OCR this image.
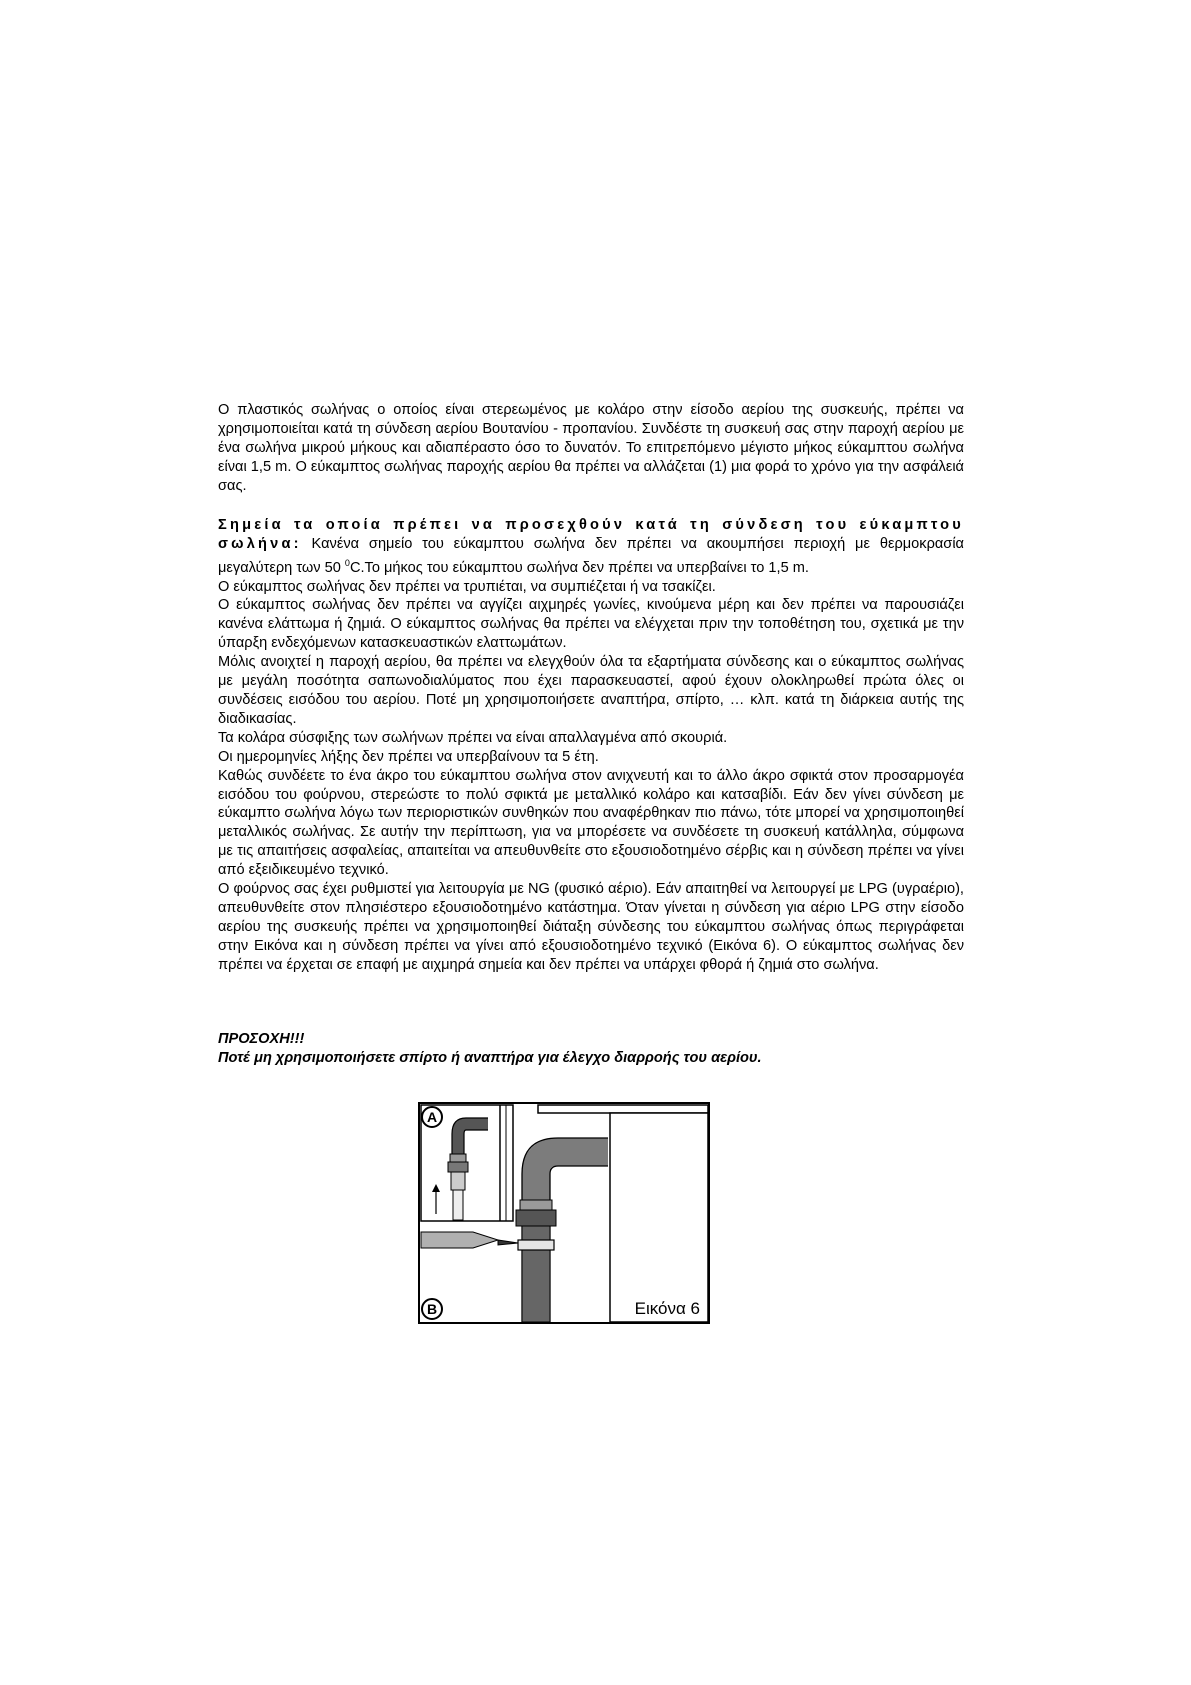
Ο πλαστικός σωλήνας ο οποίος είναι στερεωμένος με κολάρο στην είσοδο αερίου της συσκευής, πρέπει να χρησιμοποιείται κατά τη σύνδεση αερίου Βουτανίου - προπανίου. Συνδέστε τη συσκευή σας στην παροχή αερίου με ένα σωλήνα μικρού μήκους και αδιαπέραστο όσο το δυνατόν. Το επιτρεπόμενο μέγιστο μήκος εύκαμπτου σωλήνα είναι 1,5 m. Ο εύκαμπτος σωλήνας παροχής αερίου θα πρέπει να αλλάζεται (1) μια φορά το χρόνο για την ασφάλειά σας.

Σημεία τα οποία πρέπει να προσεχθούν κατά τη σύνδεση του εύκαμπτου σωλήνα: Κανένα σημείο του εύκαμπτου σωλήνα δεν πρέπει να ακουμπήσει περιοχή με θερμοκρασία μεγαλύτερη των 50 $^0$C.Το μήκος του εύκαμπτου σωλήνα δεν πρέπει να υπερβαίνει το 1,5 m.

Ο εύκαμπτος σωλήνας δεν πρέπει να τρυπιέται, να συμπιέζεται ή να τσακίζει.

Ο εύκαμπτος σωλήνας δεν πρέπει να αγγίζει αιχμηρές γωνίες, κινούμενα μέρη και δεν πρέπει να παρουσιάζει κανένα ελάττωμα ή ζημιά. Ο εύκαμπτος σωλήνας θα πρέπει να ελέγχεται πριν την τοποθέτηση του, σχετικά με την ύπαρξη ενδεχόμενων κατασκευαστικών ελαττωμάτων.

Μόλις ανοιχτεί η παροχή αερίου, θα πρέπει να ελεγχθούν όλα τα εξαρτήματα σύνδεσης και ο εύκαμπτος σωλήνας με μεγάλη ποσότητα σαπωνοδιαλύματος που έχει παρασκευαστεί, αφού έχουν ολοκληρωθεί πρώτα όλες οι συνδέσεις εισόδου του αερίου. Ποτέ μη χρησιμοποιήσετε αναπτήρα, σπίρτο, … κλπ. κατά τη διάρκεια αυτής της διαδικασίας.

Τα κολάρα σύσφιξης των σωλήνων πρέπει να είναι απαλλαγμένα από σκουριά.

Οι ημερομηνίες λήξης δεν πρέπει να υπερβαίνουν τα 5 έτη.

Καθώς συνδέετε το ένα άκρο του εύκαμπτου σωλήνα στον ανιχνευτή και το άλλο άκρο σφικτά στον προσαρμογέα εισόδου του φούρνου, στερεώστε το πολύ σφικτά με μεταλλικό κολάρο και κατσαβίδι. Εάν δεν γίνει σύνδεση με εύκαμπτο σωλήνα λόγω των περιοριστικών συνθηκών που αναφέρθηκαν πιο πάνω, τότε μπορεί να χρησιμοποιηθεί μεταλλικός σωλήνας. Σε αυτήν την περίπτωση, για να μπορέσετε να συνδέσετε τη συσκευή κατάλληλα, σύμφωνα με τις απαιτήσεις ασφαλείας, απαιτείται να απευθυνθείτε στο εξουσιοδοτημένο σέρβις και η σύνδεση πρέπει να γίνει από εξειδικευμένο τεχνικό.

Ο φούρνος σας έχει ρυθμιστεί για λειτουργία με NG (φυσικό αέριο). Εάν απαιτηθεί να λειτουργεί με LPG (υγραέριο), απευθυνθείτε στον πλησιέστερο εξουσιοδοτημένο κατάστημα. Όταν γίνεται η σύνδεση για αέριο LPG στην είσοδο αερίου της συσκευής πρέπει να χρησιμοποιηθεί διάταξη σύνδεσης του εύκαμπτου σωλήνας όπως περιγράφεται στην Εικόνα και η σύνδεση πρέπει να γίνει από εξουσιοδοτημένο τεχνικό (Εικόνα 6). Ο εύκαμπτος σωλήνας δεν πρέπει να έρχεται σε επαφή με αιχμηρά σημεία και δεν πρέπει να υπάρχει φθορά ή ζημιά στο σωλήνα.

ΠΡΟΣΟΧΗ!!!

Ποτέ μη χρησιμοποιήσετε σπίρτο ή αναπτήρα για έλεγχο διαρροής του αερίου.

A
B	Εικόνα 6
